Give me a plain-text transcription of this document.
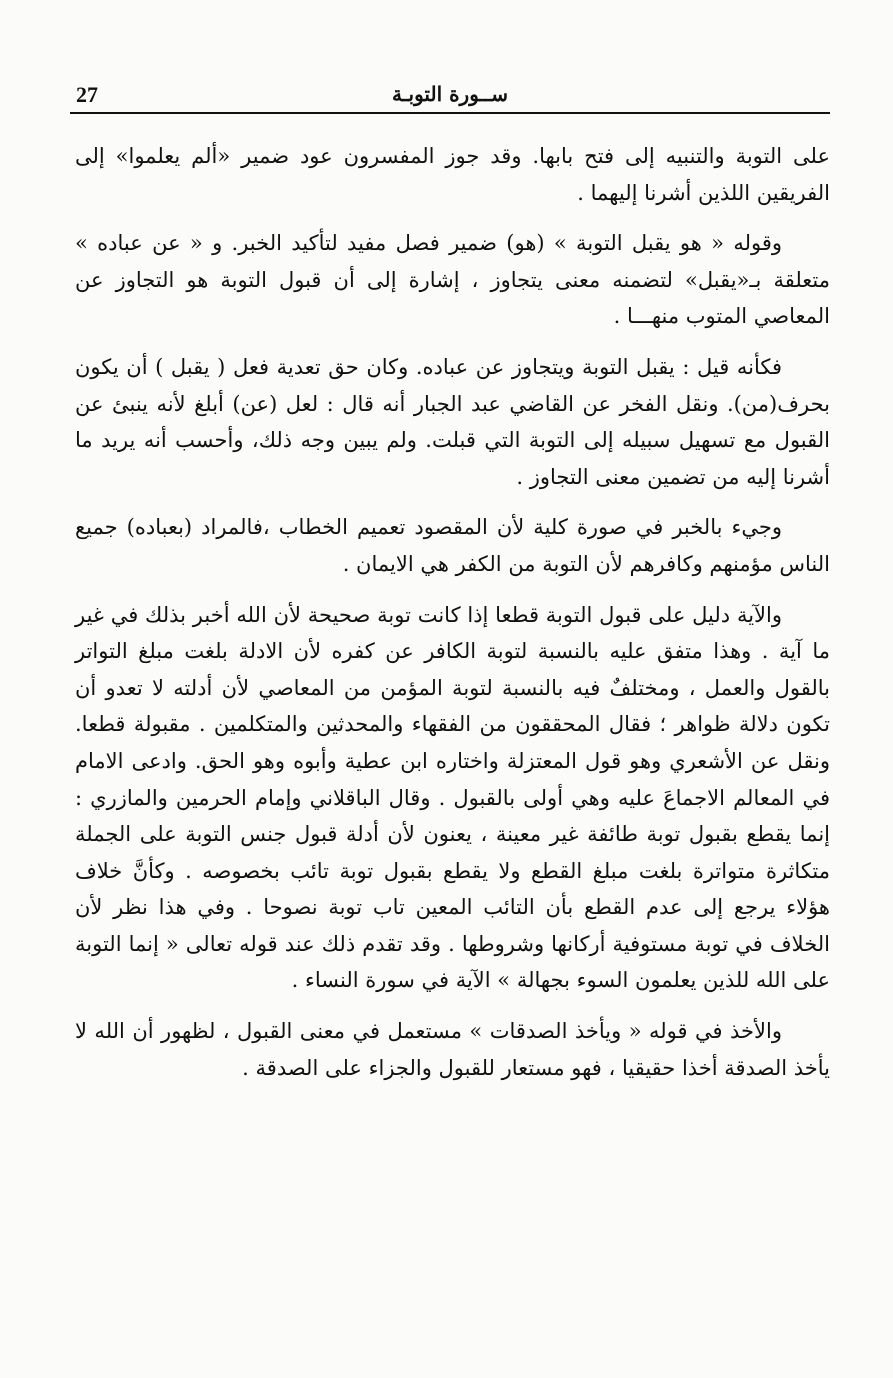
27	ســورة التوبـة

على التوبة والتنبيه إلى فتح بابها. وقد جوز المفسرون عود ضمير «ألم يعلموا» إلى الفريقين اللذين أشرنا إليهما .

وقوله « هو يقبل التوبة » (هو) ضمير فصل مفيد لتأكيد الخبر. و « عن عباده » متعلقة بـ«يقبل» لتضمنه معنى يتجاوز ، إشارة إلى أن قبول التوبة هو التجاوز عن المعاصي المتوب منهـــا .

فكأنه قيل : يقبل التوبة ويتجاوز عن عباده. وكان حق تعدية فعل ( يقبل ) أن يكون بحرف(من). ونقل الفخر عن القاضي عبد الجبار أنه قال : لعل (عن) أبلغ لأنه ينبئ عن القبول مع تسهيل سبيله إلى التوبة التي قبلت. ولم يبين وجه ذلك، وأحسب أنه يريد ما أشرنا إليه من تضمين معنى التجاوز .

وجيء بالخبر في صورة كلية لأن المقصود تعميم الخطاب ،فالمراد (بعباده) جميع الناس مؤمنهم وكافرهم لأن التوبة من الكفر هي الايمان .

والآية دليل على قبول التوبة قطعا إذا كانت توبة صحيحة لأن الله أخبر بذلك في غير ما آية . وهذا متفق عليه بالنسبة لتوبة الكافر عن كفره لأن الادلة بلغت مبلغ التواتر بالقول والعمل ، ومختلفٌ فيه بالنسبة لتوبة المؤمن من المعاصي لأن أدلته لا تعدو أن تكون دلالة ظواهر ؛ فقال المحققون من الفقهاء والمحدثين والمتكلمين . مقبولة قطعا. ونقل عن الأشعري وهو قول المعتزلة واختاره ابن عطية وأبوه وهو الحق. وادعى الامام في المعالم الاجماعَ عليه وهي أولى بالقبول . وقال الباقلاني وإمام الحرمين والمازري : إنما يقطع بقبول توبة طائفة غير معينة ، يعنون لأن أدلة قبول جنس التوبة على الجملة متكاثرة متواترة بلغت مبلغ القطع ولا يقطع بقبول توبة تائب بخصوصه . وكأنَّ خلاف هؤلاء يرجع إلى عدم القطع بأن التائب المعين تاب توبة نصوحا . وفي هذا نظر لأن الخلاف في توبة مستوفية أركانها وشروطها . وقد تقدم ذلك عند قوله تعالى « إنما التوبة على الله للذين يعلمون السوء بجهالة » الآية في سورة النساء .

والأخذ في قوله « ويأخذ الصدقات » مستعمل في معنى القبول ، لظهور أن الله لا يأخذ الصدقة أخذا حقيقيا ، فهو مستعار للقبول والجزاء على الصدقة .
